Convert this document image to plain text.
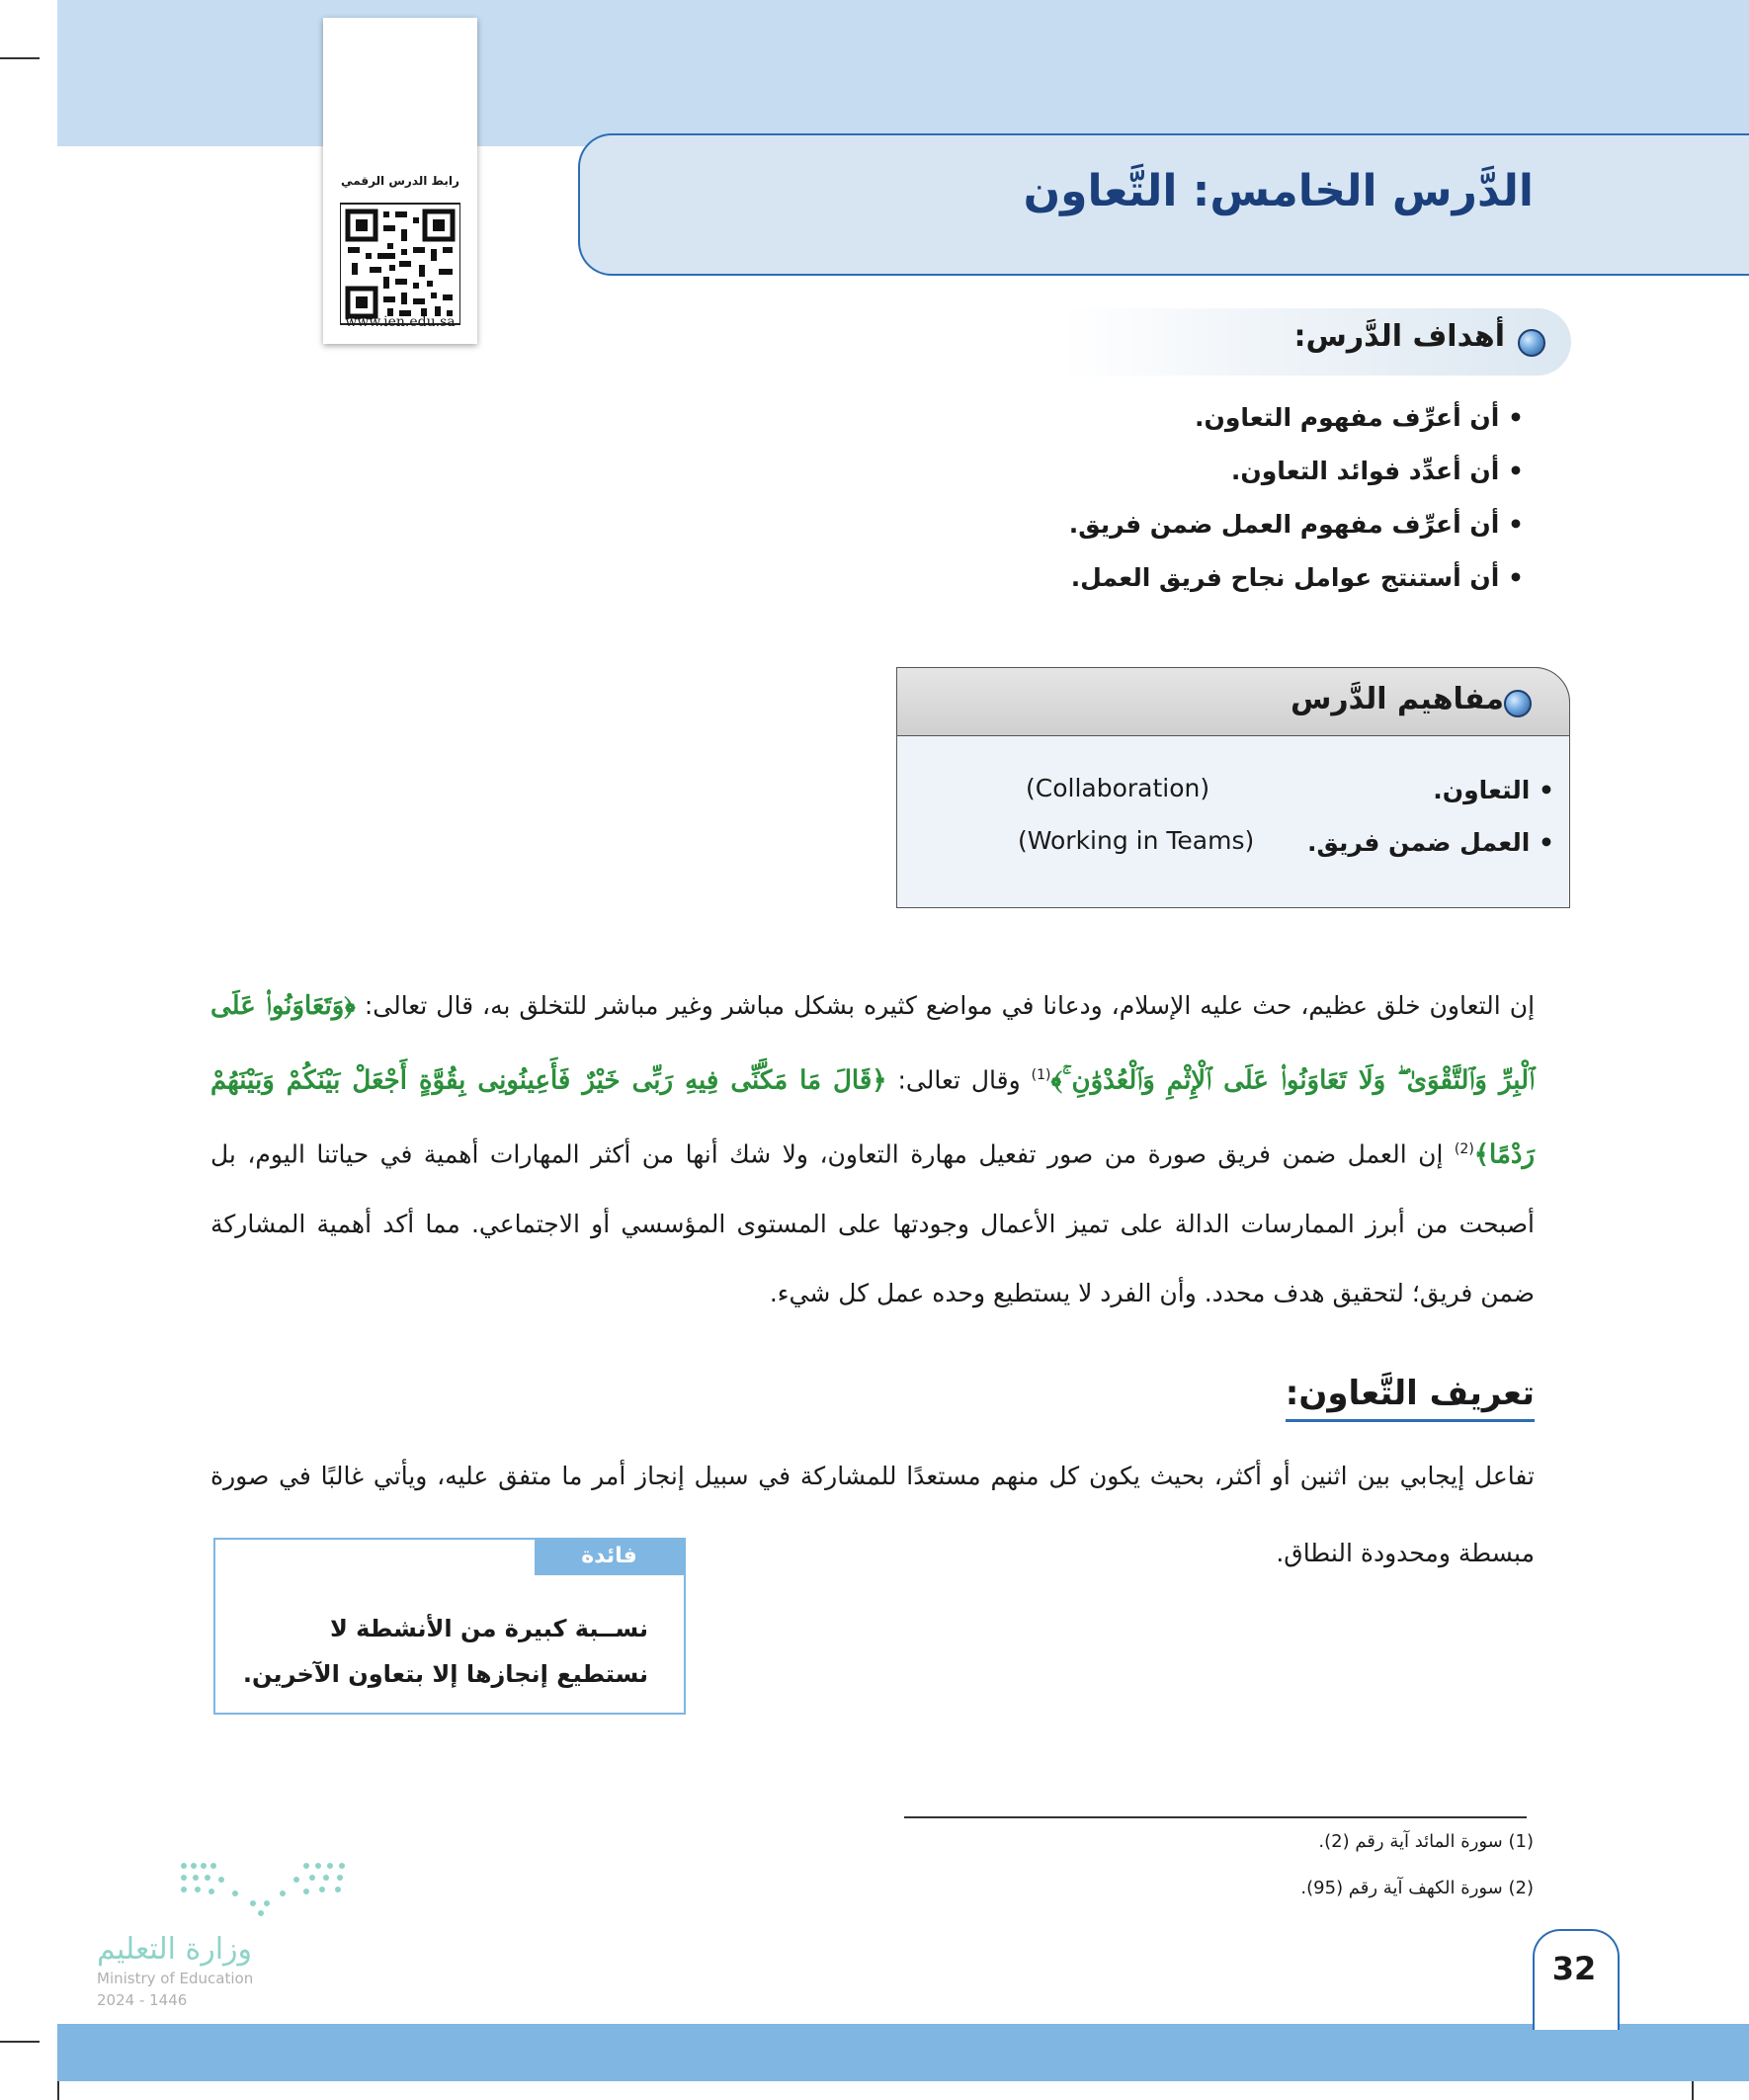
رابط الدرس الرقمي
www.ien.edu.sa
الدَّرس الخامس: التَّعاون
أهداف الدَّرس:
• أن أعرِّف مفهوم التعاون.
• أن أعدِّد فوائد التعاون.
• أن أعرِّف مفهوم العمل ضمن فريق.
• أن أستنتج عوامل نجاح فريق العمل.
مفاهيم الدَّرس
• التعاون.
(Collaboration)
• العمل ضمن فريق.
(Working in Teams)
إن التعاون خلق عظيم، حث عليه الإسلام، ودعانا في مواضع كثيره بشكل مباشر وغير مباشر للتخلق به، قال تعالى: ﴿وَتَعَاوَنُوا۟ عَلَى ٱلْبِرِّ وَٱلتَّقْوَىٰ ۖ وَلَا تَعَاوَنُوا۟ عَلَى ٱلْإِثْمِ وَٱلْعُدْوَٰنِ ۚ﴾$^{(1)}$ وقال تعالى: ﴿قَالَ مَا مَكَّنِّى فِيهِ رَبِّى خَيْرٌ فَأَعِينُونِى بِقُوَّةٍ أَجْعَلْ بَيْنَكُمْ وَبَيْنَهُمْ رَدْمًا﴾$^{(2)}$ إن العمل ضمن فريق صورة من صور تفعيل مهارة التعاون، ولا شك أنها من أكثر المهارات أهمية في حياتنا اليوم، بل أصبحت من أبرز الممارسات الدالة على تميز الأعمال وجودتها على المستوى المؤسسي أو الاجتماعي. مما أكد أهمية المشاركة ضمن فريق؛ لتحقيق هدف محدد. وأن الفرد لا يستطيع وحده عمل كل شيء.
تعريف التَّعاون:
تفاعل إيجابي بين اثنين أو أكثر، بحيث يكون كل منهم مستعدًا للمشاركة في سبيل إنجاز أمر ما متفق عليه، ويأتي غالبًا في صورة مبسطة ومحدودة النطاق.
فائدة
نســبة كبيرة من الأنشطة لا نستطيع إنجازها إلا بتعاون الآخرين.
(1) سورة المائد آية رقم (2).
(2) سورة الكهف آية رقم (95).
وزارة التعليم
Ministry of Education
2024 - 1446
32
